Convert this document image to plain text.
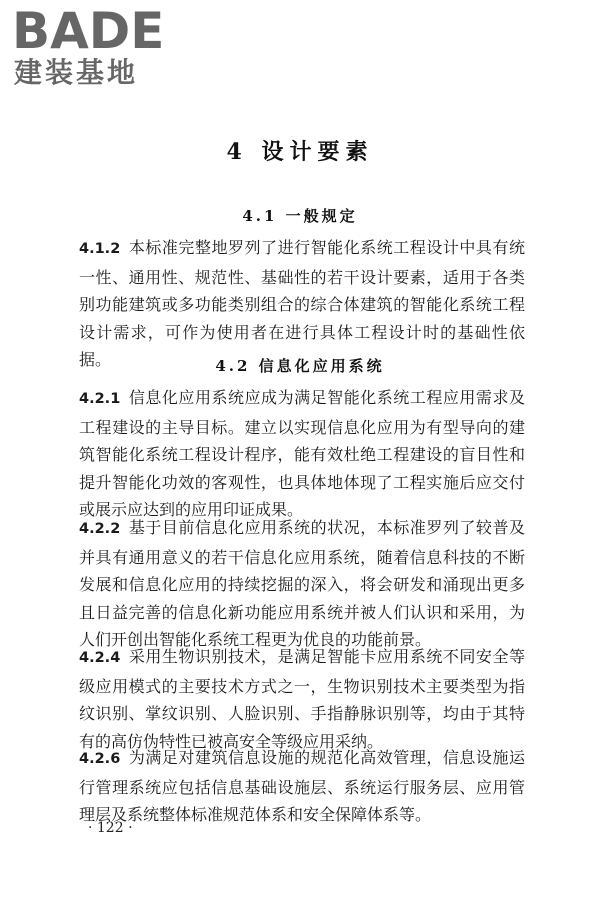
BADE
建装基地
4 设计要素
4.1 一般规定
4.1.2 本标准完整地罗列了进行智能化系统工程设计中具有统一性、通用性、规范性、基础性的若干设计要素，适用于各类别功能建筑或多功能类别组合的综合体建筑的智能化系统工程设计需求，可作为使用者在进行具体工程设计时的基础性依据。	4.2 信息化应用系统
4.2.1 信息化应用系统应成为满足智能化系统工程应用需求及工程建设的主导目标。建立以实现信息化应用为有型导向的建筑智能化系统工程设计程序，能有效杜绝工程建设的盲目性和提升智能化功效的客观性，也具体地体现了工程实施后应交付或展示应达到的应用印证成果。
4.2.2 基于目前信息化应用系统的状况，本标准罗列了较普及并具有通用意义的若干信息化应用系统，随着信息科技的不断发展和信息化应用的持续挖掘的深入，将会研发和涌现出更多且日益完善的信息化新功能应用系统并被人们认识和采用，为人们开创出智能化系统工程更为优良的功能前景。
4.2.4 采用生物识别技术，是满足智能卡应用系统不同安全等级应用模式的主要技术方式之一，生物识别技术主要类型为指纹识别、掌纹识别、人脸识别、手指静脉识别等，均由于其特有的高仿伪特性已被高安全等级应用采纳。
4.2.6 为满足对建筑信息设施的规范化高效管理，信息设施运行管理系统应包括信息基础设施层、系统运行服务层、应用管理层及系统整体标准规范体系和安全保障体系等。
· 122 ·
